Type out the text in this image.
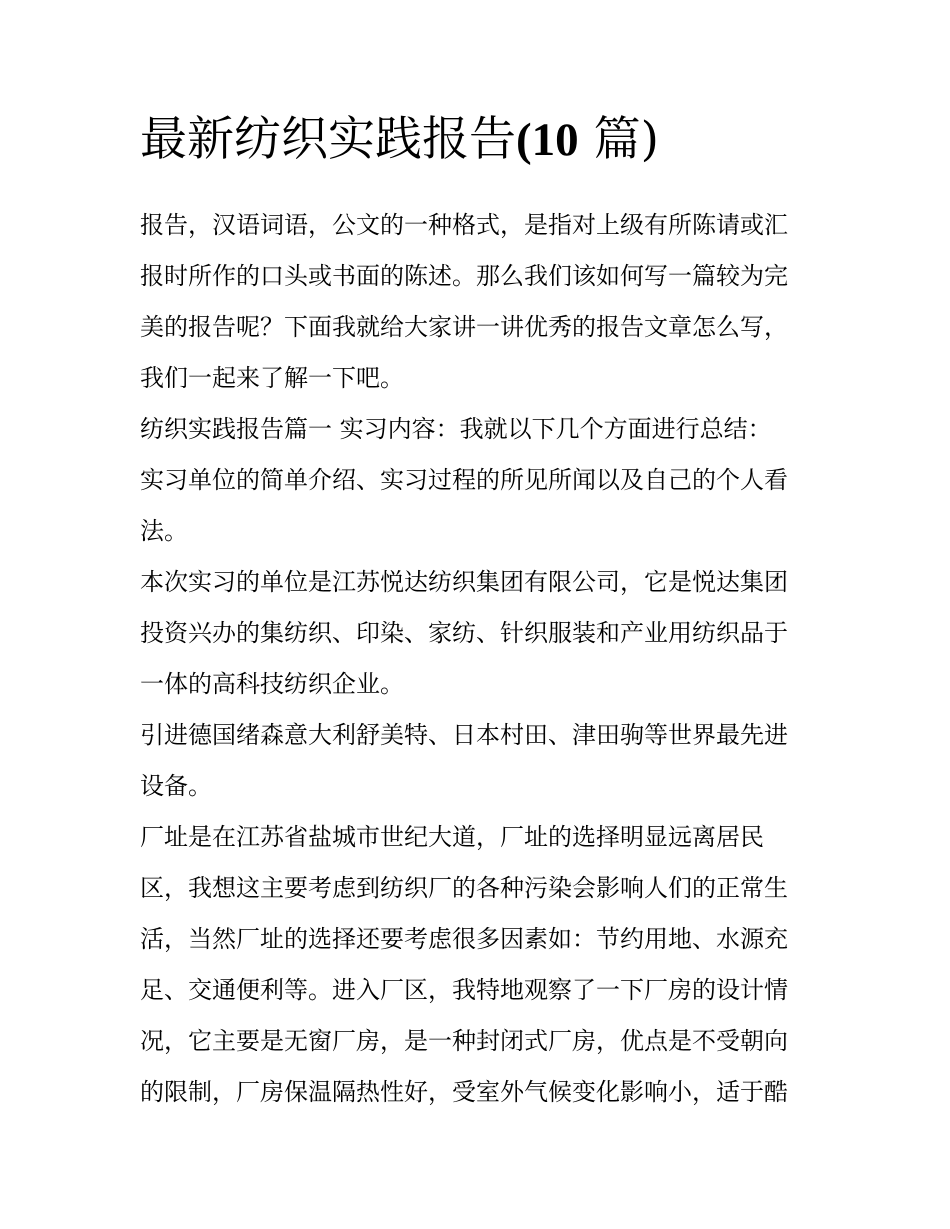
最新纺织实践报告(10 篇)

报告，汉语词语，公文的一种格式，是指对上级有所陈请或汇
报时所作的口头或书面的陈述。那么我们该如何写一篇较为完
美的报告呢？下面我就给大家讲一讲优秀的报告文章怎么写，
我们一起来了解一下吧。

纺织实践报告篇一 实习内容：我就以下几个方面进行总结：
实习单位的简单介绍、实习过程的所见所闻以及自己的个人看
法。

本次实习的单位是江苏悦达纺织集团有限公司，它是悦达集团
投资兴办的集纺织、印染、家纺、针织服装和产业用纺织品于
一体的高科技纺织企业。

引进德国绪森意大利舒美特、日本村田、津田驹等世界最先进
设备。

厂址是在江苏省盐城市世纪大道，厂址的选择明显远离居民
区，我想这主要考虑到纺织厂的各种污染会影响人们的正常生
活，当然厂址的选择还要考虑很多因素如：节约用地、水源充
足、交通便利等。进入厂区，我特地观察了一下厂房的设计情
况，它主要是无窗厂房，是一种封闭式厂房，优点是不受朝向
的限制，厂房保温隔热性好，受室外气候变化影响小，适于酷
